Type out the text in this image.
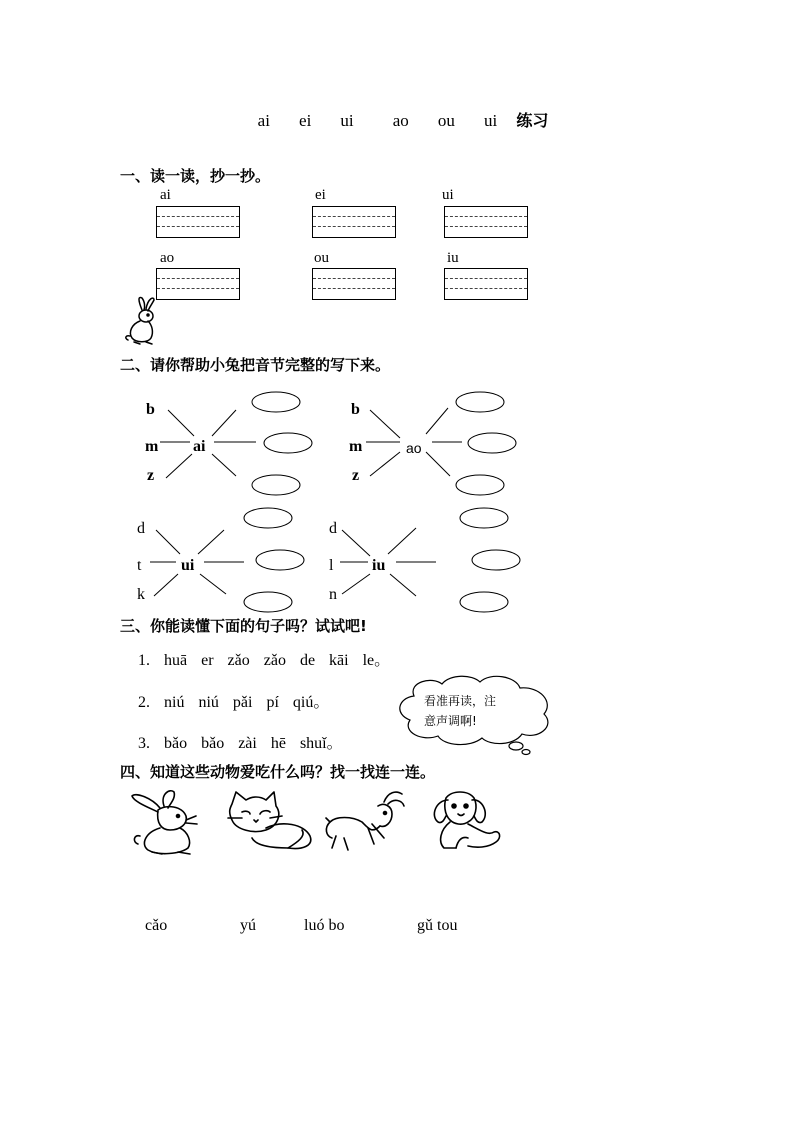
ai ei ui ao ou ui 练习
一、读一读，抄一抄。
ai	ei	ui
ao	ou	iu
二、请你帮助小兔把音节完整的写下来。
b
m
z
ai
b
m
z
ao
d
t
k
ui
d
l
n
iu
三、你能读懂下面的句子吗？试试吧!
1. huā er zǎo zǎo de kāi le。
2. niú niú pǎi pí qiú。
3. bǎo bǎo zài hē shuǐ。
看准再读，注
意声调啊!
四、知道这些动物爱吃什么吗？找一找连一连。
cǎo	yú	luó bo	gǔ tou
